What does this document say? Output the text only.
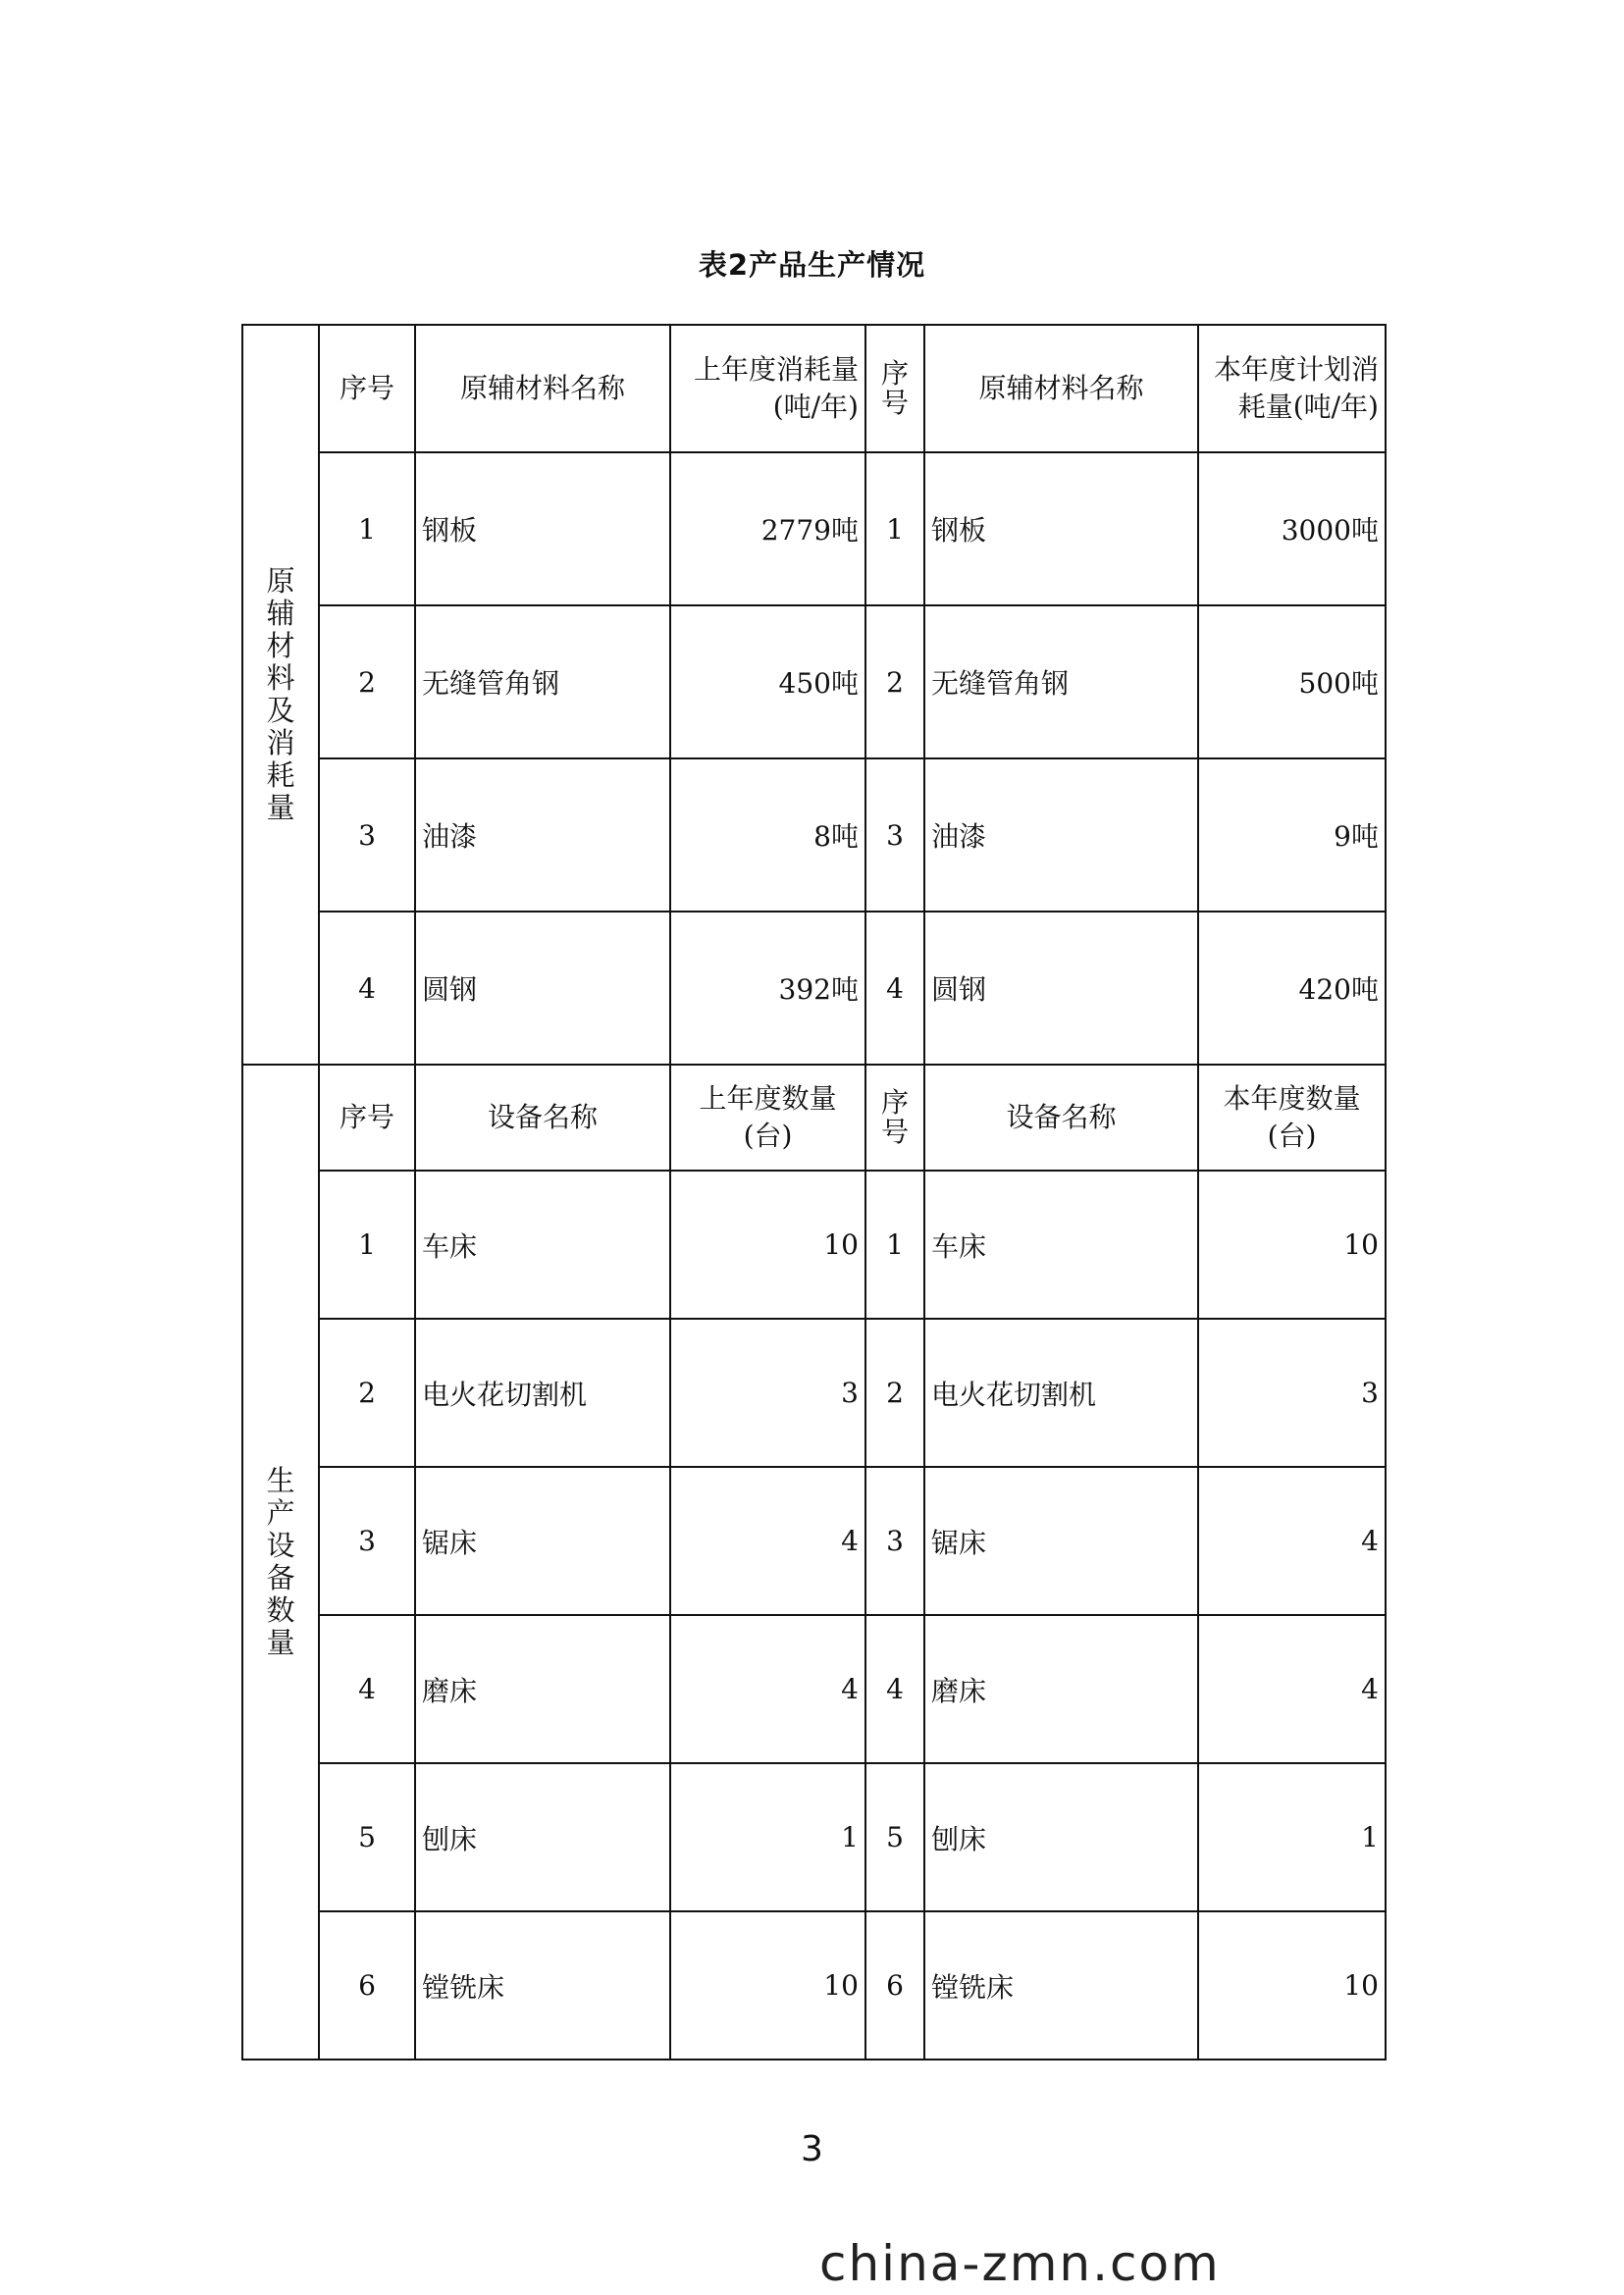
表2产品生产情况
原辅材料及消耗量	序号	原辅材料名称	上年度消耗量(吨/年)	序号	原辅材料名称	本年度计划消耗量(吨/年)
	1	钢板	2779吨	1	钢板	3000吨
	2	无缝管角钢	450吨	2	无缝管角钢	500吨
	3	油漆	8吨	3	油漆	9吨
	4	圆钢	392吨	4	圆钢	420吨
生产设备数量	序号	设备名称	上年度数量(台)	序号	设备名称	本年度数量(台)
	1	车床	10	1	车床	10
	2	电火花切割机	3	2	电火花切割机	3
	3	锯床	4	3	锯床	4
	4	磨床	4	4	磨床	4
	5	刨床	1	5	刨床	1
	6	镗铣床	10	6	镗铣床	10
3
china-zmn.com
